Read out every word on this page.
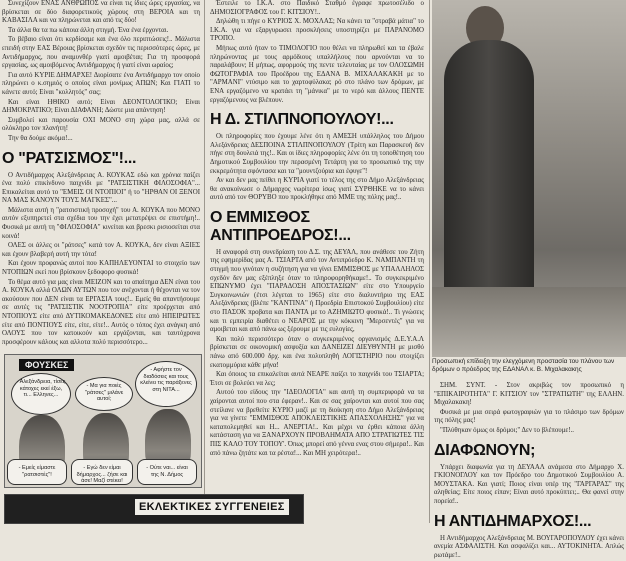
Συνεχίζουν ΕΝΑΣ ΑΝΘΡΩΠΟΣ να είναι τις ίδιες ώρες εργασίας, να βρίσκεται σε δύο διαφορετικούς χώρους στη ΒΕΡΟΙΑ και τη ΚΑΒΑΣΙΛΑ και να πληρώνεται και από τις δύο!

Τα άλλα θα τα πω κάποια άλλη στιγμή. Ένα ένα έρχονται.

Το βέβαιο είναι ότι κερδίσαμε και ένα όλο περιπτώσεις!.. Μάλιστα επειδή στην ΕΑΣ Βέροιας βρίσκεται σχεδόν τις περισσότερες ώρες, με Αντιδήμαρχος, που αναμυνθέρ γιατί αμοιβέται; Για τη προσφορά εργασίας, ως αμοιβόμενος Αντιδήμαρχος ή γιατί είναι ωραίος;

Για αυτό ΚΥΡΙΕ ΔΗΜΑΡΧΕ! Διορίσατε ένα Αντιδήμαρχο τον οποίο πληρώνει ο κ.σημιός ο οποίος είναι μονίμως ΑΠΩΝ; Και ΓΙΑΤΙ το κάνετε αυτό; Είναι "κολλητός" σας;

Και είναι ΗΘΙΚΟ αυτό; Είναι ΔΕΟΝΤΟΛΟΓΙΚΟ; Είναι ΔΗΜΟΚΡΑΤΙΚΟ; Είναι ΔΙΑΦΑΝΗ; Δώστε μια απάντηση!

Συμβολεί και παρουσία ΟΧΙ ΜΟΝΟ στη χώρα μας, αλλά σε ολόκληρο τον πλανήτη!

Την θα δούμε ακόμα!...

Ο "ΡΑΤΣΙΣΜΟΣ"!...

Ο Αντιδήμαρχος Αλεξάνδρειας Α. ΚΟΥΚΑΣ εδώ και χρόνια παίζει ένα πολύ επικίνδυνο παιχνίδι με "ΡΑΤΣΙΣΤΙΚΗ ΦΙΛΟΣΟΦΙΑ"... Επικαλείται αυτό το "ΕΜΕΙΣ ΟΙ ΝΤΟΠΙΟΙ" ή το "ΗΡΘΑΝ ΟΙ ΞΕΝΟΙ ΝΑ ΜΑΣ ΚΑΝΟΥΝ ΤΟΥΣ ΜΑΓΚΕΣ"...

Μάλιστα αυτή η "ρατσιστική προσοχή" του Α. ΚΟΥΚΑ που ΜΟΝΟ αυτόν εξυπηρετεί στα σχέδια του την έχει μετατρέψει σε επιστήμη!.. Φυσικά με αυτή τη "ΦΙΛΟΣΟΦΙΑ" κινείται και βρεσκι ρισιοσείται στα κοινά!

ΟΛΕΣ οι άλλες οι "ράτσες" κατά τον Α. ΚΟΥΚΑ, δεν είναι ΑΞΙΕΣ και έχουν βλαβερή αυτή την τότα!

Και έχουν προφανώς αυτοί που ΚΑΠΗΛΕΥΟΝΤΑΙ το στοιχείο των ΝΤΟΠΙΩΝ εκεί που βρίσκουν ξεδοφορο φυσικά!

Το θέμα αυτό για μας είναι ΜΕΙΖΟΝ και το απαίτημα ΔΕΝ είναι του Α. ΚΟΥΚΑ αλλά ΟΛΩΝ ΑΥΤΩΝ που τον ανέχονται ή θέχονται να τον ακούσουν που ΔΕΝ είναι τα ΕΡΓΑΣΙΑ τους!.. Εμείς θα απαντήσουμε σε αυτές τις "ΡΑΤΣΙΣΤΙΚ ΝΟΟΤΡΟΠΙΑ" είτε προέρχεται από ΝΤΟΠΙΟΥΣ είτε από ΔΥΤΙΚΟΜΑΚΕΔΟΝΕΣ είτε από ΗΠΕΙΡΩΤΕΣ είτε από ΠΟΝΤΙΟΥΣ είτε, είτε, είτε!.. Αυτός ο τόπος έχει ανάγκη από ΟΛΟΥΣ που τον κατοικούν και εργάζονται, και ταυτόχρονα προσφέρουν κάλους και αλλοτα πολύ περισσότερο...

ΦΟΥΣΚΕΣ
- Αλεξάνδρεια, τίσες κάτοχες εκεί έξω, τι... Ελληνες...
- Μα για ποιές "ράτσες" μιλάνε αυτοί;
- Αφήστε τον διαδόσεις και τους κλείνει τις παράξενες στη ΝΙΤΑ...
- Εμείς είμαστε "ρατσιστές"!
- Εγώ δεν είμαι δήμαρχος... ζήσε και άσε! Μαζί στέκει!
- Ούτε ναι... είναι της Ν. Δήμος
ΕΚΛΕΚΤΙΚΕΣ ΣΥΓΓΕΝΕΙΕΣ

Έστειλε το Ι.Κ.Α. στο Παιδικό Σταθμό έγραφε πρωτοσέλιδο ο ΔΗΜΟΣΙΟΓΡΑΦΟΣ του Γ. ΚΙΤΣΙΟΥ!..

Δηλώθη τι πήγε ο ΚΥΡΙΟΣ Χ. ΜΟΧΛΑΣ; Να κάνει τα "στραβά μάτια" το Ι.Κ.Α. για να εξαργυρωσει προσκλήσεις υποστηρίζει με ΠΑΡΑΝΟΜΟ ΤΡΟΠΟ.

Μήπως αυτό ήταν το ΤΙΜΟΛΟΓΙΟ που θέλει να πληρωθεί και τα έβαλε πληρώνοντας με τους αρμόδιους υπαλλήλους που αρνούνται να το παραλάβουν; Η μήπως, αφορμούς της πεντε τελευταίας με τον ΟΛΟΣΩΜΗ ΦΩΤΟΓΡΑΦΙΑ του Προέδρου της ΕΔΑΝΑ Β. ΜΙΧΑΛΑΚΑΚΗ με το "ΑΡΜΑΝΙ" ντύσιμο και το χαρτοφύλακα; ρό στο πλάνο των δρόμων, με ΕΝΑ εργαζόμενο να κρατάει τη "μάνικα" με το νερό και άλλους ΠΕΝΤΕ εργαζόμενους να βλέπουν.

Η Δ. ΣΤΙΛΠΝΟΠΟΥΛΟΥ!...

Οι πληροφορίες που έχουμε λένε ότι η ΑΜΕΣΗ υπάλληλος του Δήμου Αλεξάνδρειας ΔΕΣΠΟΙΝΑ ΣΤΙΛΠΝΟΠΟΥΛΟΥ (Τρίτη και Παρασκευή δεν πήγε στη δουλειά της!.. Και οι ίδιες πληροφορίες λένε ότι τη τοποθέτηση του Δημοτικού Συμβουλίου την περασμένη Τετάρτη για το προσωπικό της την εκκρεμότητα σφόντασα και τα "μουντζούρια και έφυγε"!

Αν και δεν μας πείθει η ΚΥΡΙΑ γιατί το τέλος της στο Δήμο Αλεξάνδρειας θα ανακοίνωσε ο Δήμαρχος νωρίτερα ίσως γιατί ΣΥΡΘΗΚΕ να το κάνει αυτό από τον ΘΟΡΥΒΟ που προκλήθηκε από ΜΜΕ της πόλης μας!..

Ο ΕΜΜΙΣΘΟΣ ΑΝΤΙΠΡΟΕΔΡΟΣ!...

Η αναφορά στη συνεδρίαση του Δ.Σ. της ΔΕΥΑΛ, που ανάθεσε του Ζήτη της εφημερίδας μας Α. ΤΣΙΑΡΤΑ από τον Αντιπρόεδρο Κ. ΝΑΜΠΑΝΤΗ τη στιγμή που γινόταν η συζήτηση για να γίνει ΕΜΜΙΣΘΟΣ με ΥΠΑΛΛΗΛΟΣ σχεδόν δεν μας εξέπληξε όταν το πληροφορηθήκαμε!.. Το συγκεκριμένο ΕΠΩΝΥΜΟ έχει "ΠΑΡΑΔΟΣΗ ΑΠΟΣΤΑΣΙΩΝ" είτε στο Υπουργείο Συγκοινωνιών (έτσι λέγεται το 1965) είτε στο διαλυντήριο της ΕΑΣ Αλεξάνδρειας (βλέπε "ΚΑΝΤΙΝΑ" ή Προεδρία Επιστοκού Συμβουλίου) είτε στο ΠΑΣΟΚ προβατα και ΠΑΝΤΑ με το ΑΖΗΜΙΩΤΟ φυσικά!.. Τι γνώσεις και τι εμπειρία διαθέτει ο ΝΕΑΡΟΣ με την κόκκινη "Μερσεντές" για να αμοιβεται και από πάνω ως ξέρουμε με τις ευλογίες,

Και πολύ περισσότερο όταν ο συγκεκριμένος οργανισμός Δ.Ε.Υ.Α.Λ βρίσκεται σε οικονομική ασφυξία και ΔΑΝΕΙΖΕΙ ΔΙΕΥΘΥΝΤΗ με μισθό πάνω από 600.000 δρχ. και ένα πολυπληθή ΛΟΓΙΣΤΗΡΙΟ που στοιχίζει εκατομμύρια κάθε μήνα!

Και όποιος τα επικαλείται αυτά ΝΕΑΡΕ παίζει το παιχνίδι του ΤΣΙΑΡΤΑ; Έτσι σε βολεύει να λες;

Αυτού του είδους την "ΙΔΕΟΛΟΓΙΑ" και αυτή τη συμπεριφορά να τα χαίρονται αυτοί που στα έφεραν!.. Και σε σας χαίρονται και αυτοί που σας στείλανε να βρεθείτε ΚΥΡΙΟ μαζί με τη διοίκηση στο Δήμο Αλεξάνδρειας για να γίνετε "ΕΜΜΙΣΘΟΣ ΑΠΟΚΛΕΙΣΤΙΚΗΣ ΑΠΑΣΧΟΛΗΣΗΣ" για να καταπολεμηθεί και Η... ΑΝΕΡΓΙΑ!.. Και μέχρι να έρθει κάποια άλλη κατάσταση για να ΞΑΝΑΡΧΟΥΝ ΠΡΟΒΛΗΜΑΤΑ ΑΠΟ ΣΤΡΑΤΙΩΤΕΣ ΤΙΣ ΠΙΣ ΚΑΛΟ ΤΟΥ ΤΟΠΟΥ'. Όπως μπορεί από γέννα ενας στου σήμερα!.. Και από πάνω ζητάτε και τα ρέστα!... Και ΜΗ χειρότερα!..

Προσωπική επίδειξη την ελεγχόμενη προστασία του πλάνου των δρόμων ο πρόεδρος της ΕΔΑΝΑΛ κ. Β. Μιχαλακακης

ΣΗΜ. ΣΥΝΤ. - Στον ακριβώς τον προσωπικό η "ΕΠΙΚΑΙΡΟΤΗΤΑ" Γ. ΚΙΤΣΙΟΥ τον "ΣΤΡΑΤΙΩΤΗ" της ΕΛΛΗΝ. Μιχαλακακη!

Φυσικά με μια σειρά φωτογραφιών για το πλάσιμο των δρόμων της πόλης μας!

"Πλύθηκαν όμως οι δρόμοι;" Δεν το βλέπουμε!..

ΔΙΑΦΩΝΟΥΝ;

Υπάρχει διαφωνία για τη ΔΕΥΑΑΛ ανάμεσα στο Δήμαρχο Χ. ΓΚΙΟΝΟΓΛΟΥ και τον Πρόεδρο του Δημοτικού Συμβουλίου Α. ΜΟΥΣΤΑΚΑ. Και γιατί; Ποιος είναι υπέρ της "ΓΑΡΓΑΡΑΣ" της αληθείας; Είτε ποιος είπαν; Είναι αυτό προκύπτει;.. Θα φανεί στην πορεία!..

Η ΑΝΤΙΔΗΜΑΡΧΟΣ!...

Η Αντιδήμαρχος Αλεξάνδρειας Μ. ΒΟΥΓΑΡΟΠΟΥΛΟΥ έχει κάνει ανεμία ΑΣΦΑΛΙΣΤΗ. Και ασφαλίζει και... ΑΥΤΟΚΙΝΗΤΑ. Απλώς ρωτάμε!..
